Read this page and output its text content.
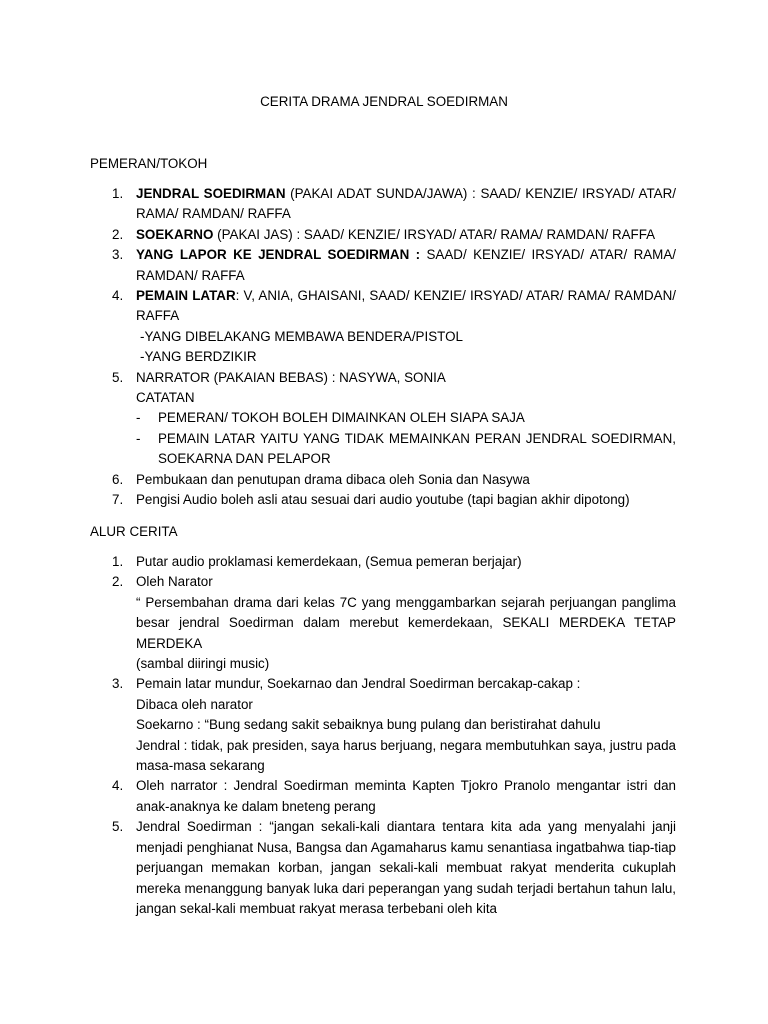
CERITA DRAMA JENDRAL SOEDIRMAN
PEMERAN/TOKOH
1. JENDRAL SOEDIRMAN (PAKAI ADAT SUNDA/JAWA) : SAAD/ KENZIE/ IRSYAD/ ATAR/ RAMA/ RAMDAN/ RAFFA
2. SOEKARNO (PAKAI JAS) : SAAD/ KENZIE/ IRSYAD/ ATAR/ RAMA/ RAMDAN/ RAFFA
3. YANG LAPOR KE JENDRAL SOEDIRMAN : SAAD/ KENZIE/ IRSYAD/ ATAR/ RAMA/ RAMDAN/ RAFFA
4. PEMAIN LATAR: V, ANIA, GHAISANI, SAAD/ KENZIE/ IRSYAD/ ATAR/ RAMA/ RAMDAN/ RAFFA
-YANG DIBELAKANG MEMBAWA BENDERA/PISTOL
-YANG BERDZIKIR
5. NARRATOR (PAKAIAN BEBAS) : NASYWA, SONIA
CATATAN
- PEMERAN/ TOKOH BOLEH DIMAINKAN OLEH SIAPA SAJA
- PEMAIN LATAR YAITU YANG TIDAK MEMAINKAN PERAN JENDRAL SOEDIRMAN, SOEKARNA DAN PELAPOR
6. Pembukaan dan penutupan drama dibaca oleh Sonia dan Nasywa
7. Pengisi Audio boleh asli atau sesuai dari audio youtube (tapi bagian akhir dipotong)
ALUR CERITA
1. Putar audio proklamasi kemerdekaan, (Semua pemeran berjajar)
2. Oleh Narator
“ Persembahan drama dari kelas 7C yang menggambarkan sejarah perjuangan panglima besar jendral Soedirman dalam merebut kemerdekaan, SEKALI MERDEKA TETAP MERDEKA
(sambal diiringi music)
3. Pemain latar mundur, Soekarnao dan Jendral Soedirman bercakap-cakap :
Dibaca oleh narator
Soekarno : “Bung sedang sakit sebaiknya bung pulang dan beristirahat dahulu
Jendral : tidak, pak presiden, saya harus berjuang, negara membutuhkan saya, justru pada masa-masa sekarang
4. Oleh narrator : Jendral Soedirman meminta Kapten Tjokro Pranolo mengantar istri dan anak-anaknya ke dalam bneteng perang
5. Jendral Soedirman : “jangan sekali-kali diantara tentara kita ada yang menyalahi janji menjadi penghianat Nusa, Bangsa dan Agamaharus kamu senantiasa ingatbahwa tiap-tiap perjuangan memakan korban, jangan sekali-kali membuat rakyat menderita cukuplah mereka menanggung banyak luka dari peperangan yang sudah terjadi bertahun tahun lalu, jangan sekal-kali membuat rakyat merasa terbebani oleh kita
